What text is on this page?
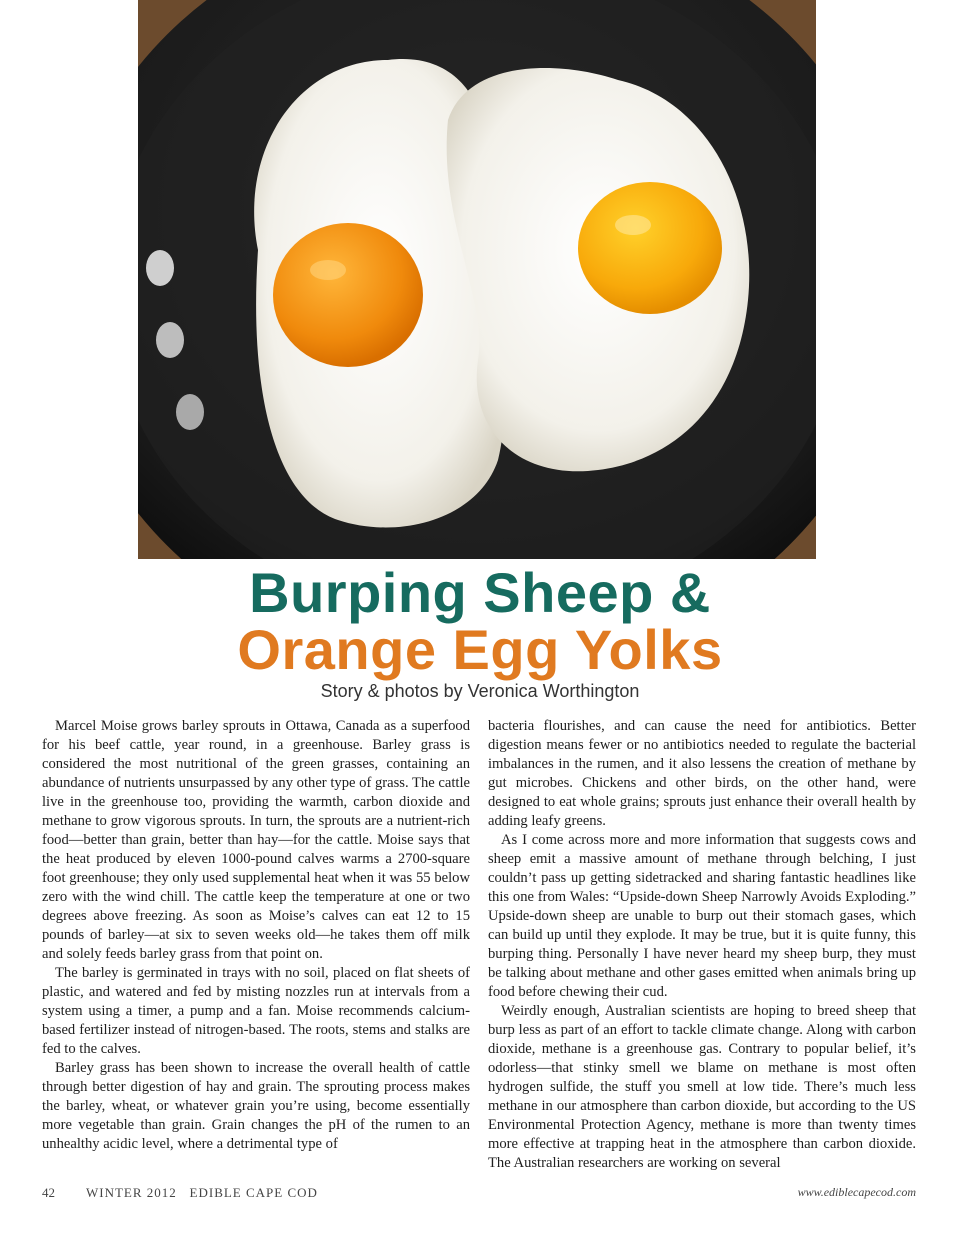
Burping Sheep &
Orange Egg Yolks
Story & photos by Veronica Worthington

Marcel Moise grows barley sprouts in Ottawa, Canada as a superfood for his beef cattle, year round, in a greenhouse. Barley grass is considered the most nutritional of the green grasses, containing an abundance of nutrients unsurpassed by any other type of grass. The cattle live in the greenhouse too, providing the warmth, carbon dioxide and methane to grow vigorous sprouts. In turn, the sprouts are a nutrient-rich food—better than grain, better than hay—for the cattle. Moise says that the heat produced by eleven 1000-pound calves warms a 2700-square foot greenhouse; they only used supplemental heat when it was 55 below zero with the wind chill. The cattle keep the temperature at one or two degrees above freezing. As soon as Moise’s calves can eat 12 to 15 pounds of barley—at six to seven weeks old—he takes them off milk and solely feeds barley grass from that point on.

The barley is germinated in trays with no soil, placed on flat sheets of plastic, and watered and fed by misting nozzles run at intervals from a system using a timer, a pump and a fan. Moise recommends calcium-based fertilizer instead of nitrogen-based. The roots, stems and stalks are fed to the calves.

Barley grass has been shown to increase the overall health of cattle through better digestion of hay and grain. The sprouting process makes the barley, wheat, or whatever grain you’re using, become essentially more vegetable than grain. Grain changes the pH of the rumen to an unhealthy acidic level, where a detrimental type of

bacteria flourishes, and can cause the need for antibiotics. Better digestion means fewer or no antibiotics needed to regulate the bacterial imbalances in the rumen, and it also lessens the creation of methane by gut microbes. Chickens and other birds, on the other hand, were designed to eat whole grains; sprouts just enhance their overall health by adding leafy greens.

As I come across more and more information that suggests cows and sheep emit a massive amount of methane through belching, I just couldn’t pass up getting sidetracked and sharing fantastic headlines like this one from Wales: “Upside-down Sheep Narrowly Avoids Exploding.” Upside-down sheep are unable to burp out their stomach gases, which can build up until they explode. It may be true, but it is quite funny, this burping thing. Personally I have never heard my sheep burp, they must be talking about methane and other gases emitted when animals bring up food before chewing their cud.

Weirdly enough, Australian scientists are hoping to breed sheep that burp less as part of an effort to tackle climate change. Along with carbon dioxide, methane is a greenhouse gas. Contrary to popular belief, it’s odorless—that stinky smell we blame on methane is most often hydrogen sulfide, the stuff you smell at low tide. There’s much less methane in our atmosphere than carbon dioxide, but according to the US Environmental Protection Agency, methane is more than twenty times more effective at trapping heat in the atmosphere than carbon dioxide. The Australian researchers are working on several

42 WINTER 2012   EDIBLE CAPE COD	www.ediblecapecod.com
